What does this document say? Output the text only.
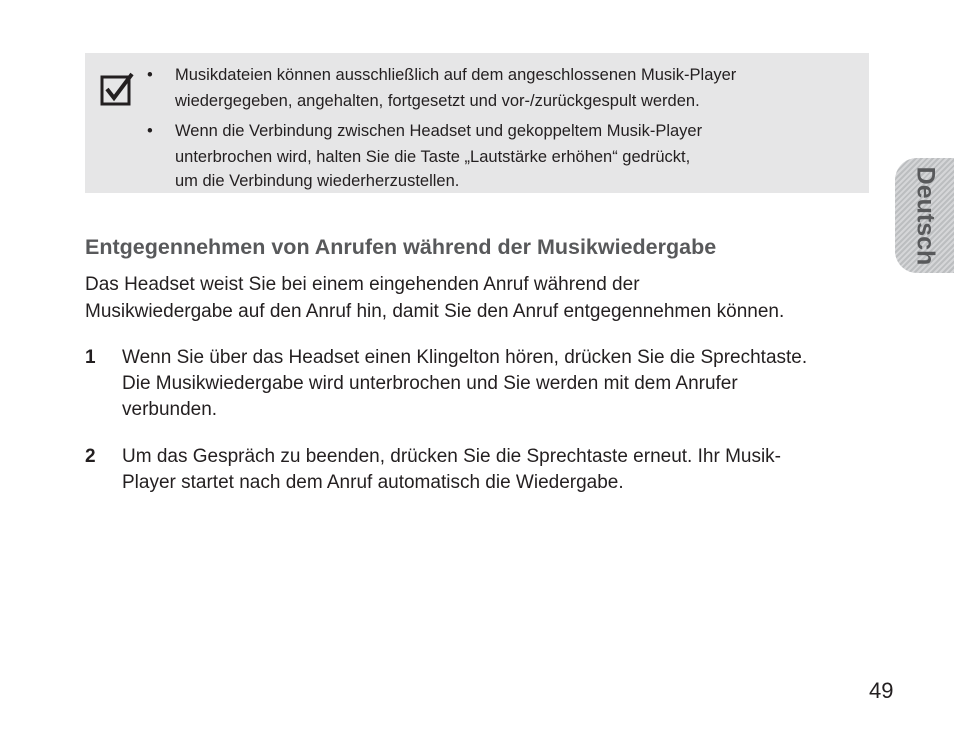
• Musikdateien können ausschließlich auf dem angeschlossenen Musik-Player
wiedergegeben, angehalten, fortgesetzt und vor-/zurückgespult werden.
• Wenn die Verbindung zwischen Headset und gekoppeltem Musik-Player
unterbrochen wird, halten Sie die Taste „Lautstärke erhöhen“ gedrückt,
um die Verbindung wiederherzustellen.
Entgegennehmen von Anrufen während der Musikwiedergabe

Das Headset weist Sie bei einem eingehenden Anruf während der
Musikwiedergabe auf den Anruf hin, damit Sie den Anruf entgegennehmen können.

1 Wenn Sie über das Headset einen Klingelton hören, drücken Sie die Sprechtaste.
Die Musikwiedergabe wird unterbrochen und Sie werden mit dem Anrufer
verbunden.
2 Um das Gespräch zu beenden, drücken Sie die Sprechtaste erneut. Ihr Musik-
Player startet nach dem Anruf automatisch die Wiedergabe.
Deutsch
49
